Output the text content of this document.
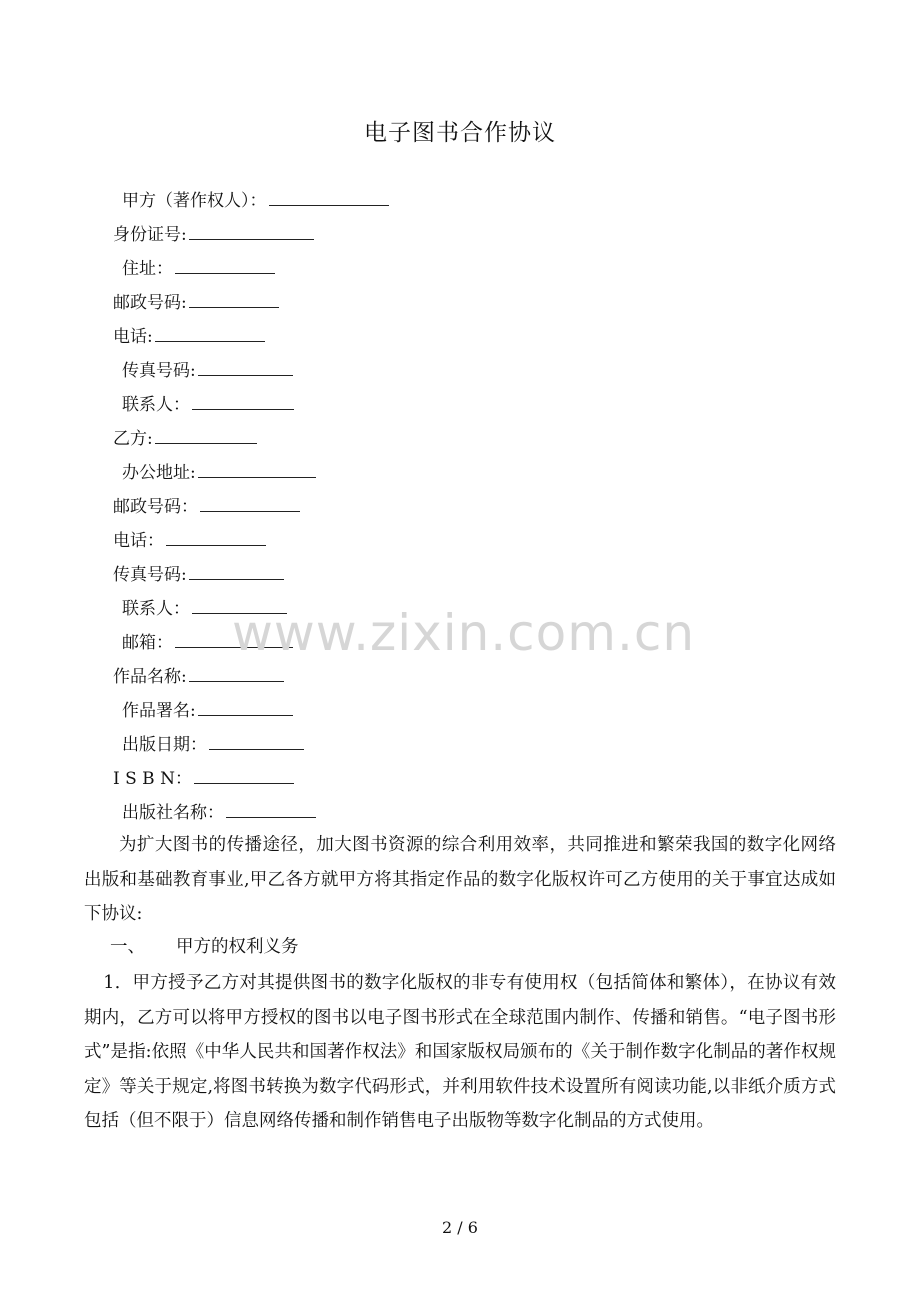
电子图书合作协议
甲方（著作权人）：
身份证号:
住址：
邮政号码:
电话:
传真号码:
联系人：
乙方:
办公地址:
邮政号码：
电话：
传真号码:
联系人：
邮箱：
作品名称:
作品署名:
出版日期：
I S B N：
出版社名称：

为扩大图书的传播途径，加大图书资源的综合利用效率，共同推进和繁荣我国的数字化网络出版和基础教育事业,甲乙各方就甲方将其指定作品的数字化版权许可乙方使用的关于事宜达成如下协议:

一、 甲方的权利义务

1．甲方授予乙方对其提供图书的数字化版权的非专有使用权（包括简体和繁体），在协议有效期内，乙方可以将甲方授权的图书以电子图书形式在全球范围内制作、传播和销售。“电子图书形式”是指:依照《中华人民共和国著作权法》和国家版权局颁布的《关于制作数字化制品的著作权规定》等关于规定,将图书转换为数字代码形式，并利用软件技术设置所有阅读功能,以非纸介质方式包括（但不限于）信息网络传播和制作销售电子出版物等数字化制品的方式使用。

www.zixin.com.cn
2 / 6
